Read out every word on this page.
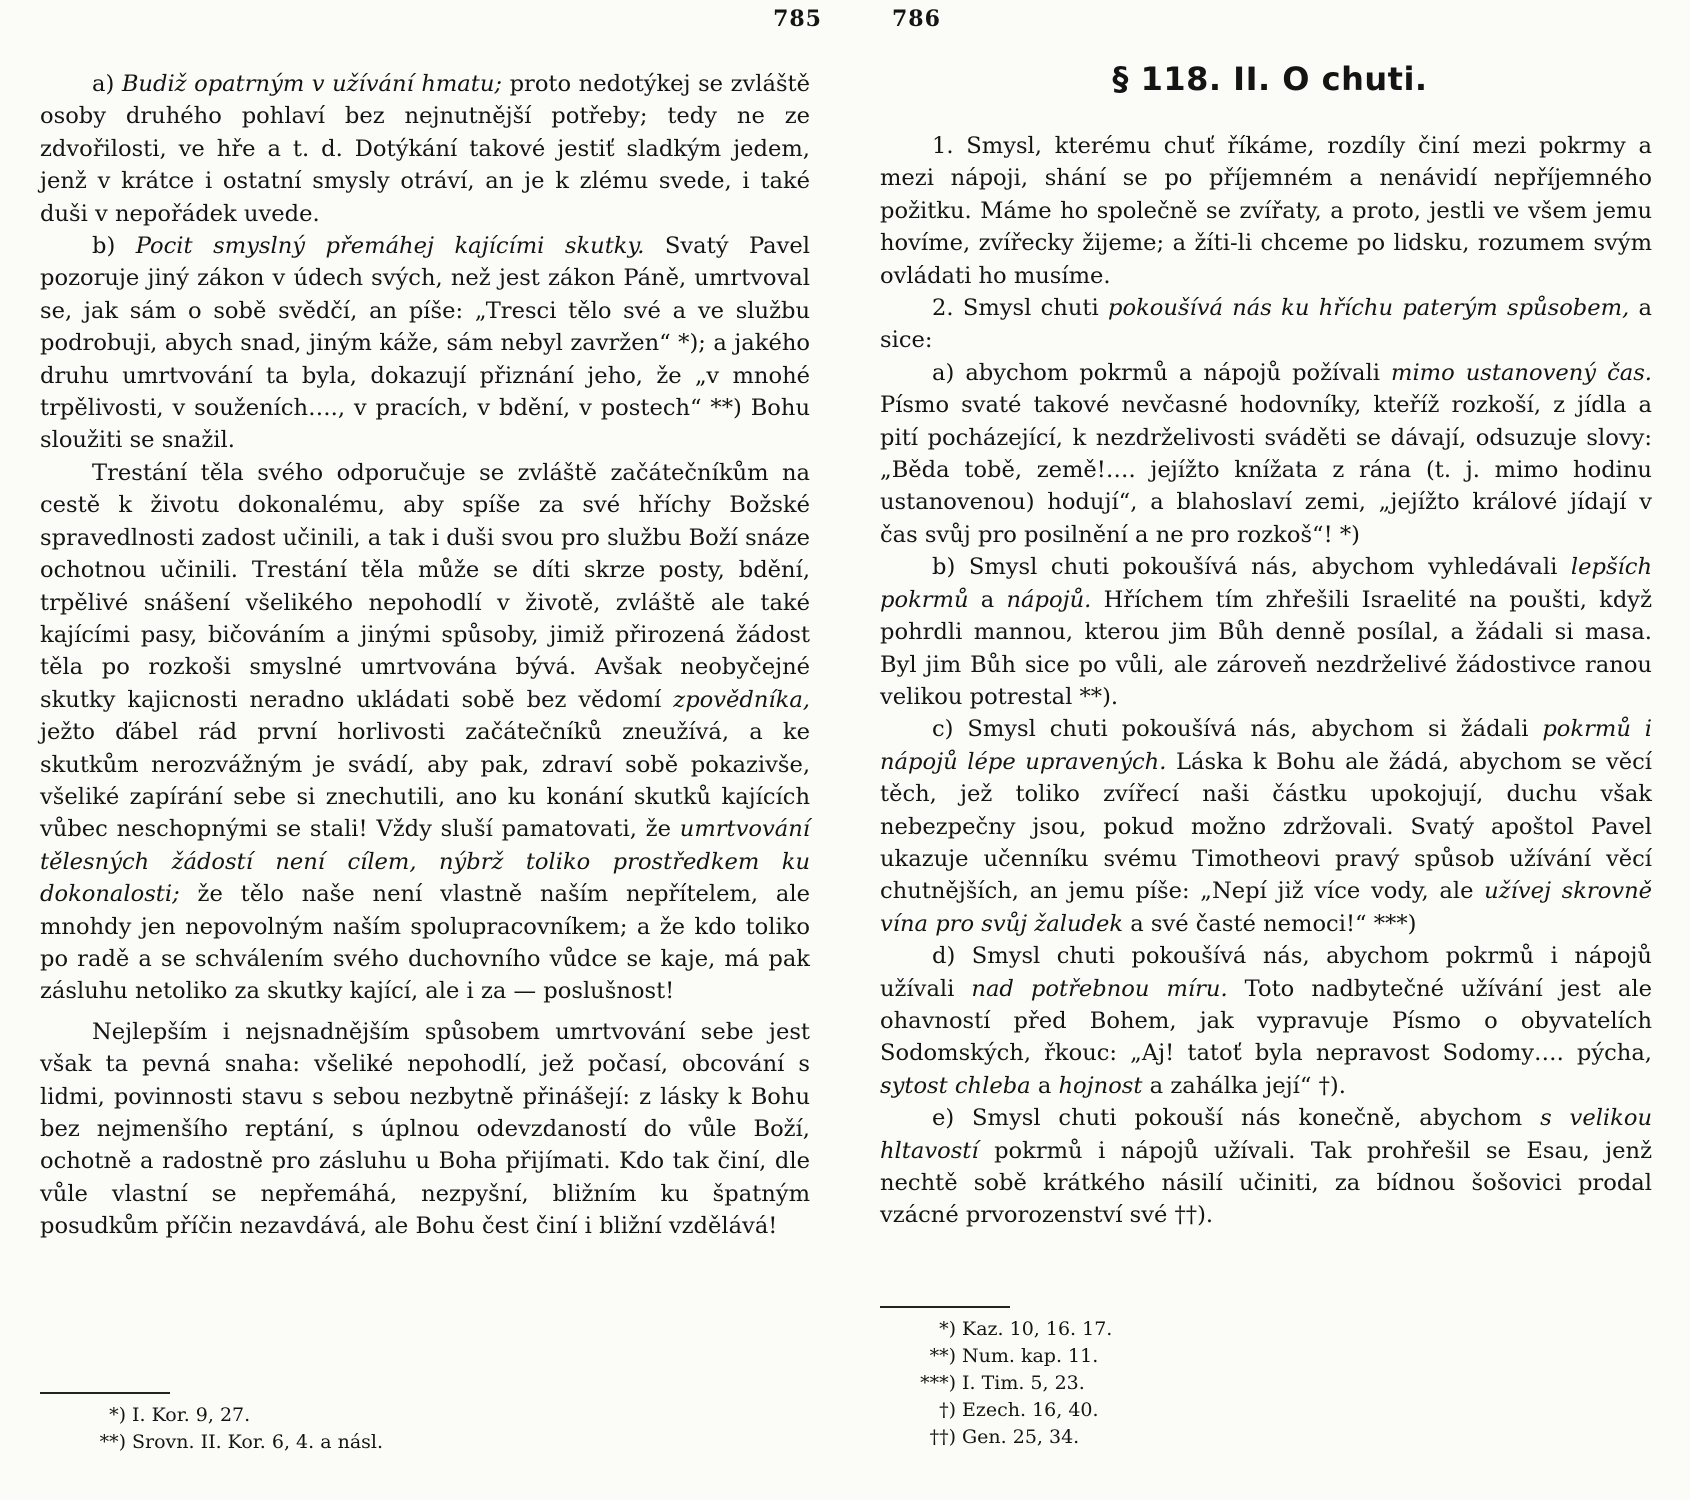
785

a) Budiž opatrným v užívání hmatu; proto nedotýkej se zvláště osoby druhého pohlaví bez nejnutnější potřeby; tedy ne ze zdvořilosti, ve hře a t. d. Dotýkání takové jestiť sladkým jedem, jenž v krátce i ostatní smysly otráví, an je k zlému svede, i také duši v nepořádek uvede.

b) Pocit smyslný přemáhej kajícími skutky. Svatý Pavel pozoruje jiný zákon v údech svých, než jest zákon Páně, umrtvoval se, jak sám o sobě svědčí, an píše: „Tresci tělo své a ve službu podrobuji, abych snad, jiným káže, sám nebyl zavržen“ *); a jakého druhu umrtvování ta byla, dokazují přiznání jeho, že „v mnohé trpělivosti, v souženích…., v pracích, v bdění, v postech“ **) Bohu sloužiti se snažil.

Trestání těla svého odporučuje se zvláště začátečníkům na cestě k životu dokonalému, aby spíše za své hříchy Božské spravedlnosti zadost učinili, a tak i duši svou pro službu Boží snáze ochotnou učinili. Trestání těla může se díti skrze posty, bdění, trpělivé snášení všelikého nepohodlí v životě, zvláště ale také kajícími pasy, bičováním a jinými spůsoby, jimiž přirozená žádost těla po rozkoši smyslné umrtvována bývá. Avšak neobyčejné skutky kajicnosti neradno ukládati sobě bez vědomí zpovědníka, ježto ďábel rád první horlivosti začátečníků zneužívá, a ke skutkům nerozvážným je svádí, aby pak, zdraví sobě pokazivše, všeliké zapírání sebe si znechutili, ano ku konání skutků kajících vůbec neschopnými se stali! Vždy sluší pamatovati, že umrtvování tělesných žádostí není cílem, nýbrž toliko prostředkem ku dokonalosti; že tělo naše není vlastně naším nepřítelem, ale mnohdy jen nepovolným naším spolupracovníkem; a že kdo toliko po radě a se schválením svého duchovního vůdce se kaje, má pak zásluhu netoliko za skutky kající, ale i za — poslušnost!

Nejlepším i nejsnadnějším spůsobem umrtvování sebe jest však ta pevná snaha: všeliké nepohodlí, jež počasí, obcování s lidmi, povinnosti stavu s sebou nezbytně přinášejí: z lásky k Bohu bez nejmenšího reptání, s úplnou odevzdaností do vůle Boží, ochotně a radostně pro zásluhu u Boha přijímati. Kdo tak činí, dle vůle vlastní se nepřemáhá, nezpyšní, bližním ku špatným posudkům příčin nezavdává, ale Bohu čest činí i bližní vzdělává!

*) I. Kor. 9, 27.
**) Srovn. II. Kor. 6, 4. a násl.
786
§ 118. II. O chuti.

1. Smysl, kterému chuť říkáme, rozdíly činí mezi pokrmy a mezi nápoji, shání se po příjemném a nenávidí nepříjemného požitku. Máme ho společně se zvířaty, a proto, jestli ve všem jemu hovíme, zvířecky žijeme; a žíti-li chceme po lidsku, rozumem svým ovládati ho musíme.

2. Smysl chuti pokoušívá nás ku hříchu paterým spůsobem, a sice:

a) abychom pokrmů a nápojů požívali mimo ustanovený čas. Písmo svaté takové nevčasné hodovníky, kteříž rozkoší, z jídla a pití pocházející, k nezdrželivosti sváděti se dávají, odsuzuje slovy: „Běda tobě, země!…. jejížto knížata z rána (t. j. mimo hodinu ustanovenou) hodují“, a blahoslaví zemi, „jejížto králové jídají v čas svůj pro posilnění a ne pro rozkoš“! *)

b) Smysl chuti pokoušívá nás, abychom vyhledávali lepších pokrmů a nápojů. Hříchem tím zhřešili Israelité na poušti, když pohrdli mannou, kterou jim Bůh denně posílal, a žádali si masa. Byl jim Bůh sice po vůli, ale zároveň nezdrželivé žádostivce ranou velikou potrestal **).

c) Smysl chuti pokoušívá nás, abychom si žádali pokrmů i nápojů lépe upravených. Láska k Bohu ale žádá, abychom se věcí těch, jež toliko zvířecí naši částku upokojují, duchu však nebezpečny jsou, pokud možno zdržovali. Svatý apoštol Pavel ukazuje učenníku svému Timotheovi pravý spůsob užívání věcí chutnějších, an jemu píše: „Nepí již více vody, ale užívej skrovně vína pro svůj žaludek a své časté nemoci!“ ***)

d) Smysl chuti pokoušívá nás, abychom pokrmů i nápojů užívali nad potřebnou míru. Toto nadbytečné užívání jest ale ohavností před Bohem, jak vypravuje Písmo o obyvatelích Sodomských, řkouc: „Aj! tatoť byla nepravost Sodomy…. pýcha, sytost chleba a hojnost a zahálka její“ †).

e) Smysl chuti pokouší nás konečně, abychom s velikou hltavostí pokrmů i nápojů užívali. Tak prohřešil se Esau, jenž nechtě sobě krátkého násilí učiniti, za bídnou šošovici prodal vzácné prvorozenství své ††).

*) Kaz. 10, 16. 17.
**) Num. kap. 11.
***) I. Tim. 5, 23.
†) Ezech. 16, 40.
††) Gen. 25, 34.
